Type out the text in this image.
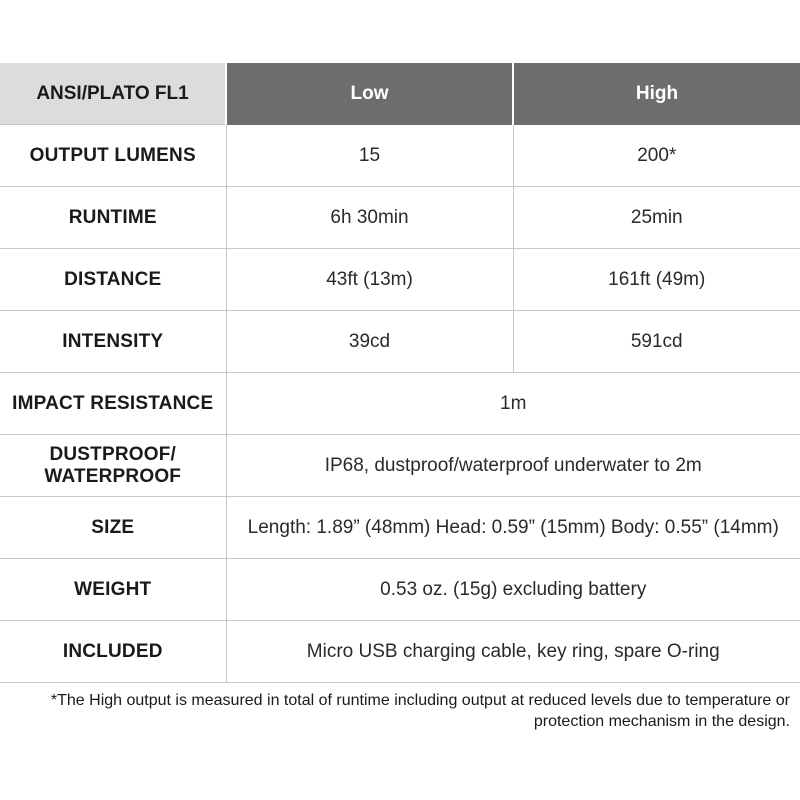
ANSI/PLATO FL1	Low	High
OUTPUT LUMENS	15	200*
RUNTIME	6h 30min	25min
DISTANCE	43ft (13m)	161ft (49m)
INTENSITY	39cd	591cd
IMPACT RESISTANCE	1m	
DUSTPROOF/
WATERPROOF	IP68, dustproof/waterproof underwater to 2m	
SIZE	Length: 1.89” (48mm) Head: 0.59” (15mm) Body: 0.55” (14mm)	
WEIGHT	0.53 oz. (15g) excluding battery	
INCLUDED	Micro USB charging cable, key ring, spare O-ring	
*The High output is measured in total of runtime including output at reduced levels due to temperature or
protection mechanism in the design.
